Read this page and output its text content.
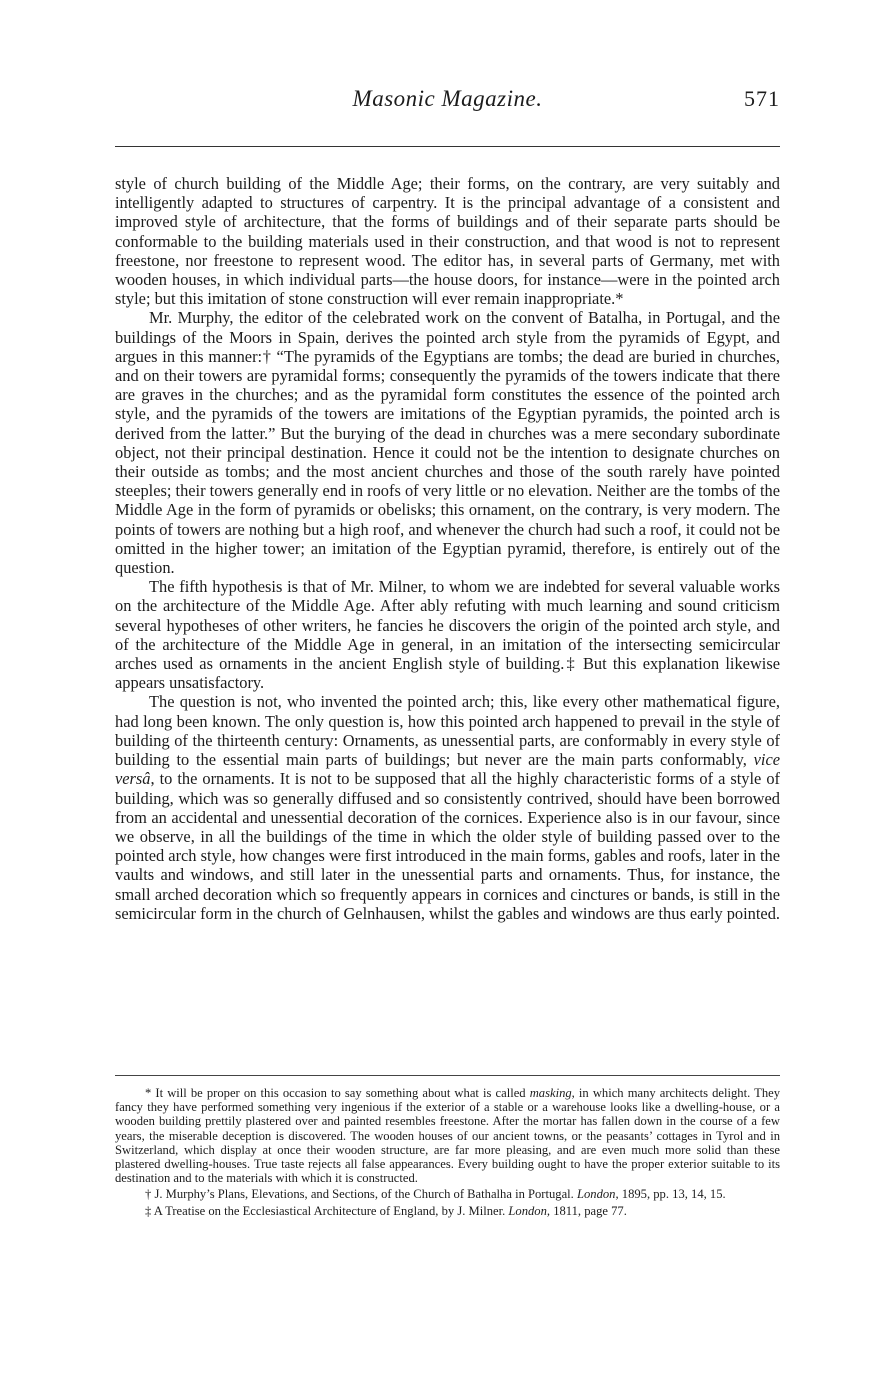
Masonic Magazine.	571

style of church building of the Middle Age; their forms, on the contrary, are very suitably and intelligently adapted to structures of carpentry. It is the principal advantage of a consistent and improved style of architecture, that the forms of buildings and of their separate parts should be conformable to the building materials used in their construction, and that wood is not to represent freestone, nor freestone to represent wood. The editor has, in several parts of Germany, met with wooden houses, in which individual parts—the house doors, for instance—were in the pointed arch style; but this imitation of stone construction will ever remain inappropriate.*

Mr. Murphy, the editor of the celebrated work on the convent of Batalha, in Portugal, and the buildings of the Moors in Spain, derives the pointed arch style from the pyramids of Egypt, and argues in this manner:† “The pyramids of the Egyptians are tombs; the dead are buried in churches, and on their towers are pyramidal forms; consequently the pyramids of the towers indicate that there are graves in the churches; and as the pyramidal form constitutes the essence of the pointed arch style, and the pyramids of the towers are imitations of the Egyptian pyramids, the pointed arch is derived from the latter.” But the burying of the dead in churches was a mere secondary subordinate object, not their principal destination. Hence it could not be the intention to designate churches on their outside as tombs; and the most ancient churches and those of the south rarely have pointed steeples; their towers generally end in roofs of very little or no elevation. Neither are the tombs of the Middle Age in the form of pyramids or obelisks; this ornament, on the contrary, is very modern. The points of towers are nothing but a high roof, and whenever the church had such a roof, it could not be omitted in the higher tower; an imitation of the Egyptian pyramid, therefore, is entirely out of the question.

The fifth hypothesis is that of Mr. Milner, to whom we are indebted for several valuable works on the architecture of the Middle Age. After ably refuting with much learning and sound criticism several hypotheses of other writers, he fancies he discovers the origin of the pointed arch style, and of the architecture of the Middle Age in general, in an imitation of the intersecting semicircular arches used as ornaments in the ancient English style of building.‡ But this explanation likewise appears unsatisfactory.

The question is not, who invented the pointed arch; this, like every other mathematical figure, had long been known. The only question is, how this pointed arch happened to prevail in the style of building of the thirteenth century: Ornaments, as unessential parts, are conformably in every style of building to the essential main parts of buildings; but never are the main parts conformably, vice versâ, to the ornaments. It is not to be supposed that all the highly characteristic forms of a style of building, which was so generally diffused and so consistently contrived, should have been borrowed from an accidental and unessential decoration of the cornices. Experience also is in our favour, since we observe, in all the buildings of the time in which the older style of building passed over to the pointed arch style, how changes were first introduced in the main forms, gables and roofs, later in the vaults and windows, and still later in the unessential parts and ornaments. Thus, for instance, the small arched decoration which so frequently appears in cornices and cinctures or bands, is still in the semicircular form in the church of Gelnhausen, whilst the gables and windows are thus early pointed.

* It will be proper on this occasion to say something about what is called masking, in which many architects delight. They fancy they have performed something very ingenious if the exterior of a stable or a warehouse looks like a dwelling-house, or a wooden building prettily plastered over and painted resembles freestone. After the mortar has fallen down in the course of a few years, the miserable deception is discovered. The wooden houses of our ancient towns, or the peasants’ cottages in Tyrol and in Switzerland, which display at once their wooden structure, are far more pleasing, and are even much more solid than these plastered dwelling-houses. True taste rejects all false appearances. Every building ought to have the proper exterior suitable to its destination and to the materials with which it is constructed.

† J. Murphy’s Plans, Elevations, and Sections, of the Church of Bathalha in Portugal. London, 1895, pp. 13, 14, 15.

‡ A Treatise on the Ecclesiastical Architecture of England, by J. Milner. London, 1811, page 77.
